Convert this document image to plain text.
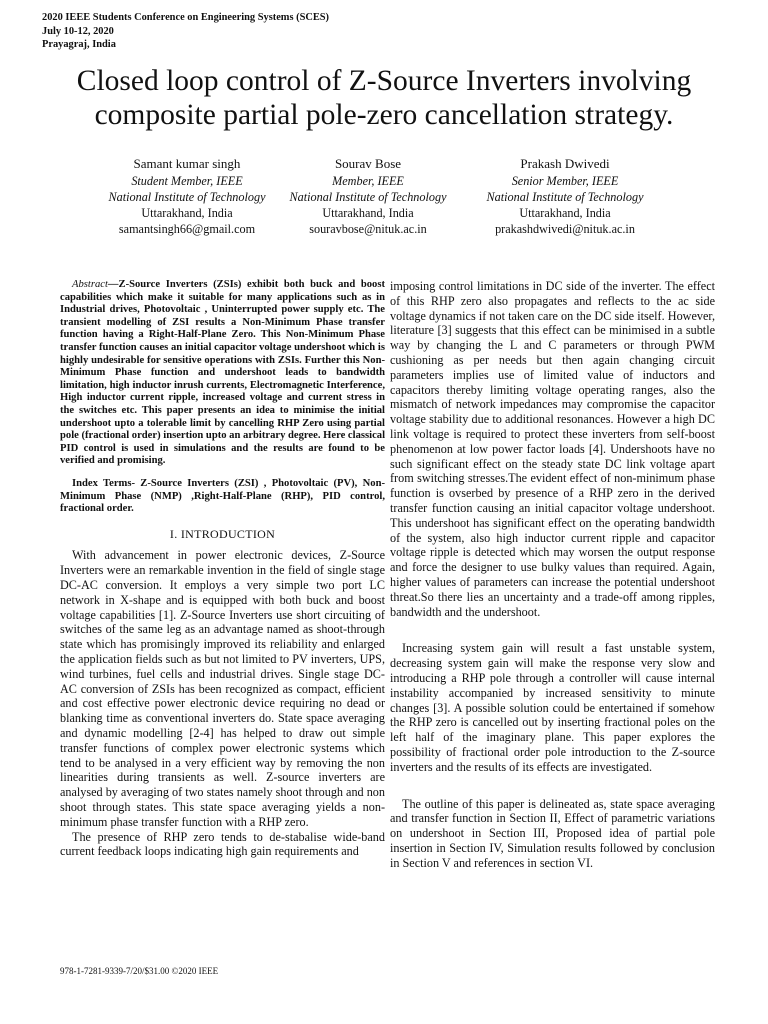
2020 IEEE Students Conference on Engineering Systems (SCES)
July 10-12, 2020
Prayagraj, India
Closed loop control of Z-Source Inverters involving composite partial pole-zero cancellation strategy.
Samant kumar singh
Student Member, IEEE
National Institute of Technology
Uttarakhand, India
samantsingh66@gmail.com
Sourav Bose
Member, IEEE
National Institute of Technology
Uttarakhand, India
souravbose@nituk.ac.in
Prakash Dwivedi
Senior Member, IEEE
National Institute of Technology
Uttarakhand, India
prakashdwivedi@nituk.ac.in

Abstract—Z-Source Inverters (ZSIs) exhibit both buck and boost capabilities which make it suitable for many applications such as in Industrial drives, Photovoltaic , Uninterrupted power supply etc. The transient modelling of ZSI results a Non-Minimum Phase transfer function having a Right-Half-Plane Zero. This Non-Minimum Phase transfer function causes an initial capacitor voltage undershoot which is highly undesirable for sensitive operations with ZSIs. Further this Non-Minimum Phase function and undershoot leads to bandwidth limitation, high inductor inrush currents, Electromagnetic Interference, High inductor current ripple, increased voltage and current stress in the switches etc. This paper presents an idea to minimise the initial undershoot upto a tolerable limit by cancelling RHP Zero using partial pole (fractional order) insertion upto an arbitrary degree. Here classical PID control is used in simulations and the results are found to be verified and promising.

Index Terms- Z-Source Inverters (ZSI) , Photovoltaic (PV), Non-Minimum Phase (NMP) ,Right-Half-Plane (RHP), PID control, fractional order.

I. INTRODUCTION

With advancement in power electronic devices, Z-Source Inverters were an remarkable invention in the field of single stage DC-AC conversion. It employs a very simple two port LC network in X-shape and is equipped with both buck and boost voltage capabilities [1]. Z-Source Inverters use short circuiting of switches of the same leg as an advantage named as shoot-through state which has promisingly improved its reliability and enlarged the application fields such as but not limited to PV inverters, UPS, wind turbines, fuel cells and industrial drives. Single stage DC-AC conversion of ZSIs has been recognized as compact, efficient and cost effective power electronic device requiring no dead or blanking time as conventional inverters do. State space averaging and dynamic modelling [2-4] has helped to draw out simple transfer functions of complex power electronic systems which tend to be analysed in a very efficient way by removing the non linearities during transients as well. Z-source inverters are analysed by averaging of two states namely shoot through and non shoot through states. This state space averaging yields a non-minimum phase transfer function with a RHP zero.

The presence of RHP zero tends to de-stabalise wide-band current feedback loops indicating high gain requirements and

imposing control limitations in DC side of the inverter. The effect of this RHP zero also propagates and reflects to the ac side voltage dynamics if not taken care on the DC side itself. However, literature [3] suggests that this effect can be minimised in a subtle way by changing the L and C parameters or through PWM cushioning as per needs but then again changing circuit parameters implies use of limited value of inductors and capacitors thereby limiting voltage operating ranges, also the mismatch of network impedances may compromise the capacitor voltage stability due to additional resonances. However a high DC link voltage is required to protect these inverters from self-boost phenomenon at low power factor loads [4]. Undershoots have no such significant effect on the steady state DC link voltage apart from switching stresses.The evident effect of non-minimum phase function is ovserbed by presence of a RHP zero in the derived transfer function causing an initial capacitor voltage undershoot. This undershoot has significant effect on the operating bandwidth of the system, also high inductor current ripple and capacitor voltage ripple is detected which may worsen the output response and force the designer to use bulky values than required. Again, higher values of parameters can increase the potential undershoot threat.So there lies an uncertainty and a trade-off among ripples, bandwidth and the undershoot.

Increasing system gain will result a fast unstable system, decreasing system gain will make the response very slow and introducing a RHP pole through a controller will cause internal instability accompanied by increased sensitivity to minute changes [3]. A possible solution could be entertained if somehow the RHP zero is cancelled out by inserting fractional poles on the left half of the imaginary plane. This paper explores the possibility of fractional order pole introduction to the Z-source inverters and the results of its effects are investigated.

The outline of this paper is delineated as, state space averaging and transfer function in Section II, Effect of parametric variations on undershoot in Section III, Proposed idea of partial pole insertion in Section IV, Simulation results followed by conclusion in Section V and references in section VI.

978-1-7281-9339-7/20/$31.00 ©2020 IEEE
